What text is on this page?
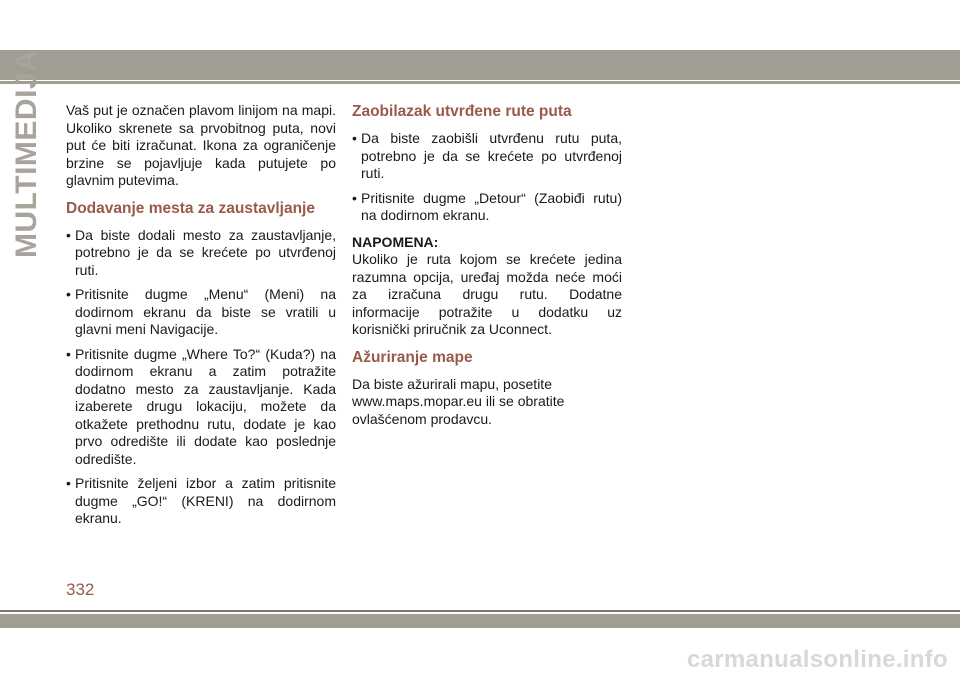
MULTIMEDIJA Vaš put je označen plavom linijom na mapi. Ukoliko skrenete sa prvobitnog puta, novi put će biti izračunat. Ikona za ograničenje brzine se pojavljuje kada putujete po glavnim putevima.

Dodavanje mesta za zaustavljanje
• Da biste dodali mesto za zaustavljanje, potrebno je da se krećete po utvrđenoj ruti.
• Pritisnite dugme „Menu“ (Meni) na dodirnom ekranu da biste se vratili u glavni meni Navigacije.
• Pritisnite dugme „Where To?“ (Kuda?) na dodirnom ekranu a zatim potražite dodatno mesto za zaustavljanje. Kada izaberete drugu lokaciju, možete da otkažete prethodnu rutu, dodate je kao prvo odredište ili dodate kao poslednje odredište.
• Pritisnite željeni izbor a zatim pritisnite dugme „GO!“ (KRENI) na dodirnom ekranu.
Zaobilazak utvrđene rute puta
• Da biste zaobišli utvrđenu rutu puta, potrebno je da se krećete po utvrđenoj ruti.
• Pritisnite dugme „Detour“ (Zaobiđi rutu) na dodirnom ekranu.

NAPOMENA:

Ukoliko je ruta kojom se krećete jedina razumna opcija, uređaj možda neće moći za izračuna drugu rutu. Dodatne informacije potražite u dodatku uz korisnički priručnik za Uconnect.

Ažuriranje mape
Da biste ažurirali mapu, posetite
www.maps.mopar.eu ili se obratite
ovlašćenom prodavcu.
332
carmanualsonline.info
